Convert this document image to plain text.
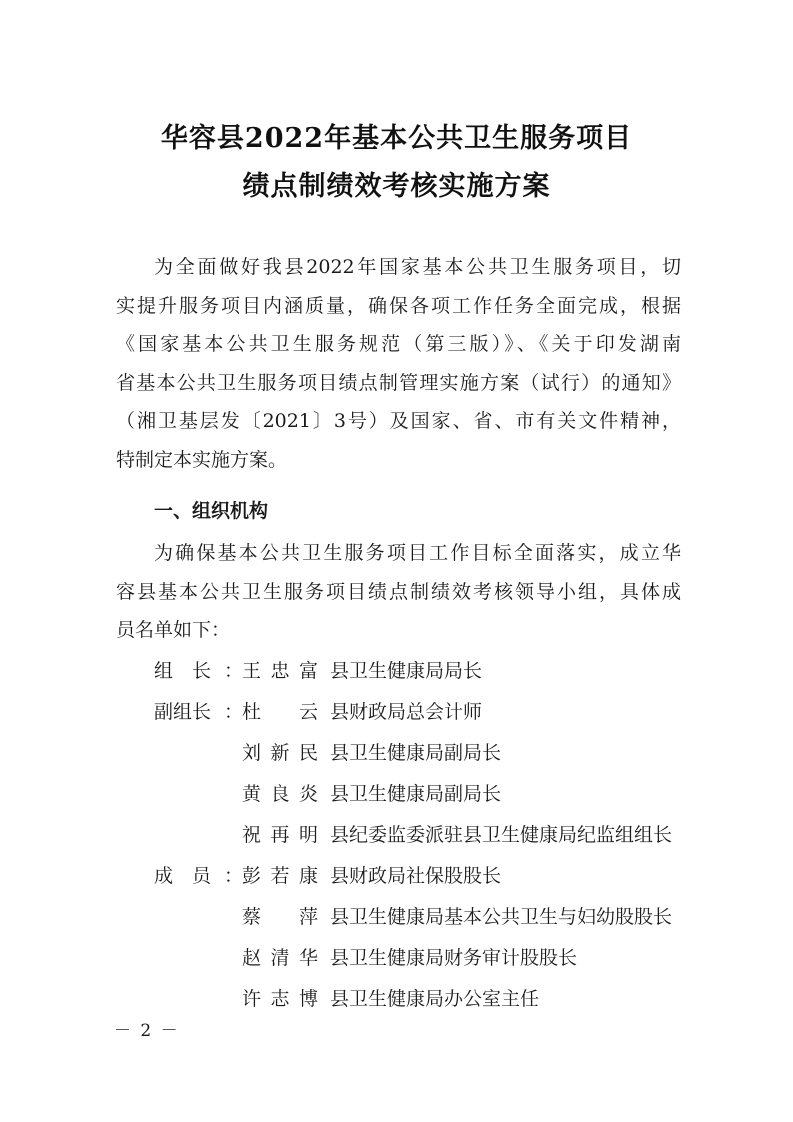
华容县2022年基本公共卫生服务项目
绩点制绩效考核实施方案
为全面做好我县2022年国家基本公共卫生服务项目，切
实提升服务项目内涵质量，确保各项工作任务全面完成，根据
《国家基本公共卫生服务规范（第三版）》、《关于印发湖南
省基本公共卫生服务项目绩点制管理实施方案（试行）的通知》
（湘卫基层发〔2021〕3号）及国家、省、市有关文件精神，
特制定本实施方案。
一、组织机构
为确保基本公共卫生服务项目工作目标全面落实，成立华
容县基本公共卫生服务项目绩点制绩效考核领导小组，具体成
员名单如下：
组　长 ：
王忠富 县卫生健康局局长
副组长 ：
杜　云 县财政局总会计师
刘新民 县卫生健康局副局长
黄良炎 县卫生健康局副局长
祝再明 县纪委监委派驻县卫生健康局纪监组组长
成　员 ：
彭若康 县财政局社保股股长
蔡　萍 县卫生健康局基本公共卫生与妇幼股股长
赵清华 县卫生健康局财务审计股股长
许志博 县卫生健康局办公室主任
－ 2 －
